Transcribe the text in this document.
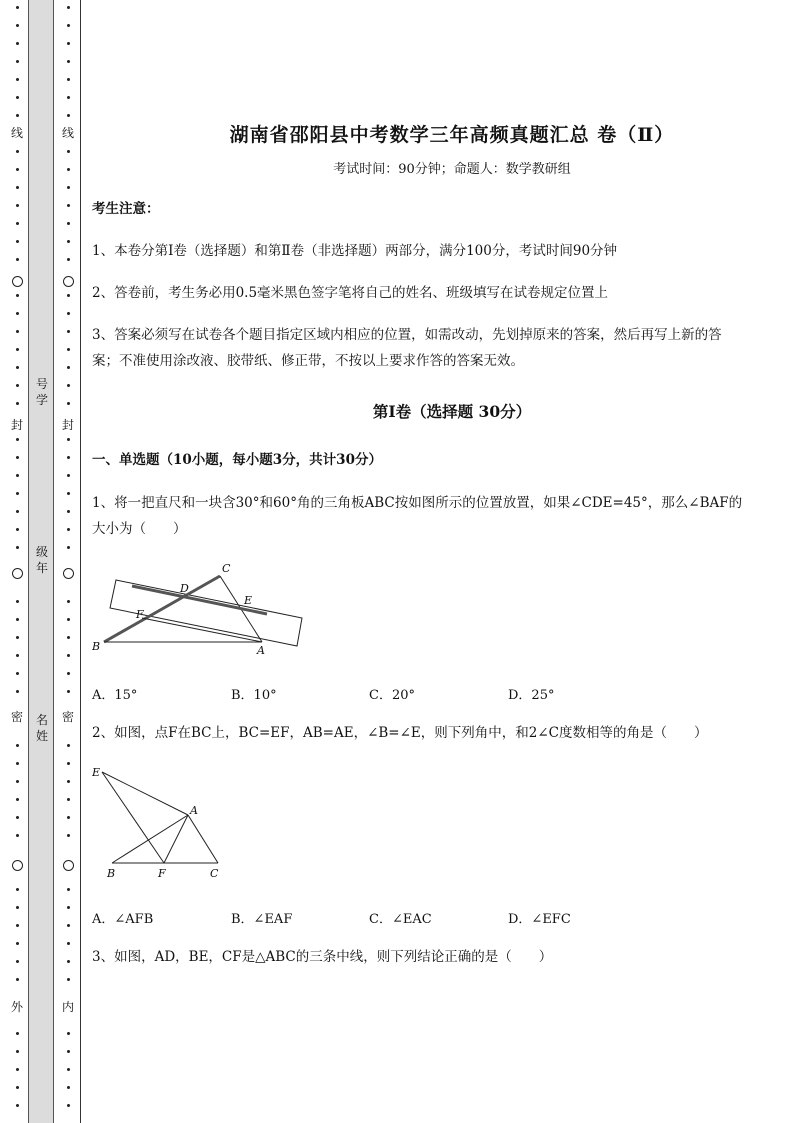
线
封
密
外
线
封
密
内
号
学
级
年
名
姓
湖南省邵阳县中考数学三年高频真题汇总 卷（Ⅱ）
考试时间：90分钟；命题人：数学教研组
考生注意：
1、本卷分第I卷（选择题）和第Ⅱ卷（非选择题）两部分，满分100分，考试时间90分钟
2、答卷前，考生务必用0.5毫米黑色签字笔将自己的姓名、班级填写在试卷规定位置上
3、答案必须写在试卷各个题目指定区域内相应的位置，如需改动，先划掉原来的答案，然后再写上新的答案；不准使用涂改液、胶带纸、修正带，不按以上要求作答的答案无效。
第I卷（选择题 30分）
一、单选题（10小题，每小题3分，共计30分）
1、将一把直尺和一块含30°和60°角的三角板ABC按如图所示的位置放置，如果∠CDE=45°，那么∠BAF的大小为（　　）
C
D
E
F
B	A
A．15°	B．10°	C．20°	D．25°
2、如图，点F在BC上，BC=EF，AB=AE，∠B=∠E，则下列角中，和2∠C度数相等的角是（　　）
E
A
B	F	C
A．∠AFB	B．∠EAF	C．∠EAC	D．∠EFC
3、如图，AD，BE，CF是△ABC的三条中线，则下列结论正确的是（　　）
